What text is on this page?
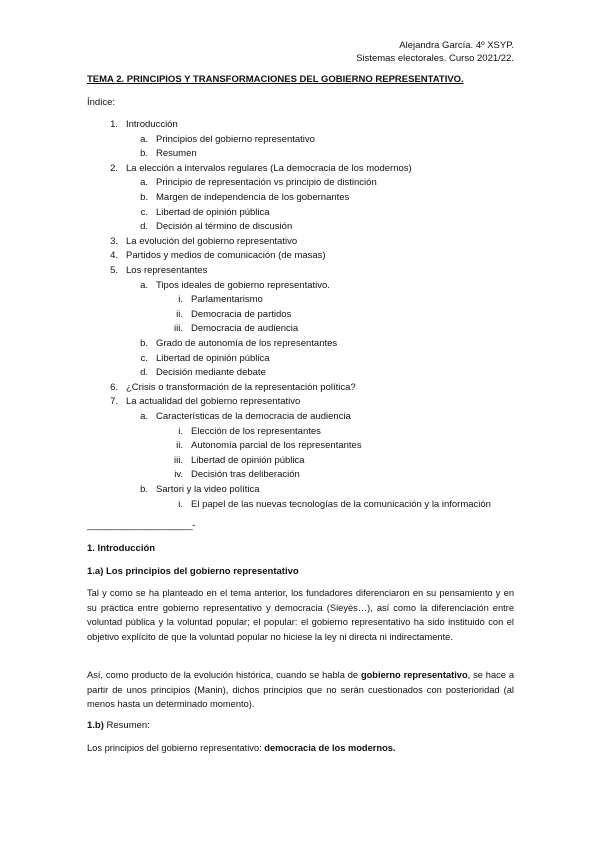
Alejandra García. 4º XSYP.
Sistemas electorales. Curso 2021/22.
TEMA 2. PRINCIPIOS Y TRANSFORMACIONES DEL GOBIERNO REPRESENTATIVO.
Índice:
1. Introducción
a. Principios del gobierno representativo
b. Resumen
2. La elección a intervalos regulares (La democracia de los modernos)
a. Principio de representación vs principio de distinción
b. Margen de independencia de los gobernantes
c. Libertad de opinión pública
d. Decisión al término de discusión
3. La evolución del gobierno representativo
4. Partidos y medios de comunicación (de masas)
5. Los representantes
a. Tipos ideales de gobierno representativo.
i. Parlamentarismo
ii. Democracia de partidos
iii. Democracia de audiencia
b. Grado de autonomía de los representantes
c. Libertad de opinión pública
d. Decisión mediante debate
6. ¿Crisis o transformación de la representación política?
7. La actualidad del gobierno representativo
a. Características de la democracia de audiencia
i. Elección de los representantes
ii. Autonomía parcial de los representantes
iii. Libertad de opinión pública
iv. Decisión tras deliberación
b. Sartori y la video política
i. El papel de las nuevas tecnologías de la comunicación y la información
______________________-
1. Introducción
1.a) Los principios del gobierno representativo
Tal y como se ha planteado en el tema anterior, los fundadores diferenciaron en su pensamiento y en su práctica entre gobierno representativo y democracia (Sieyès…), así como la diferenciación entre voluntad pública y la voluntad popular; el popular: el gobierno representativo ha sido instituido con el objetivo explícito de que la voluntad popular no hiciese la ley ni directa ni indirectamente.
Así, como producto de la evolución histórica, cuando se habla de gobierno representativo, se hace a partir de unos principios (Manin), dichos principios que no serán cuestionados con posterioridad (al menos hasta un determinado momento).
1.b) Resumen:
Los principios del gobierno representativo: democracia de los modernos.
